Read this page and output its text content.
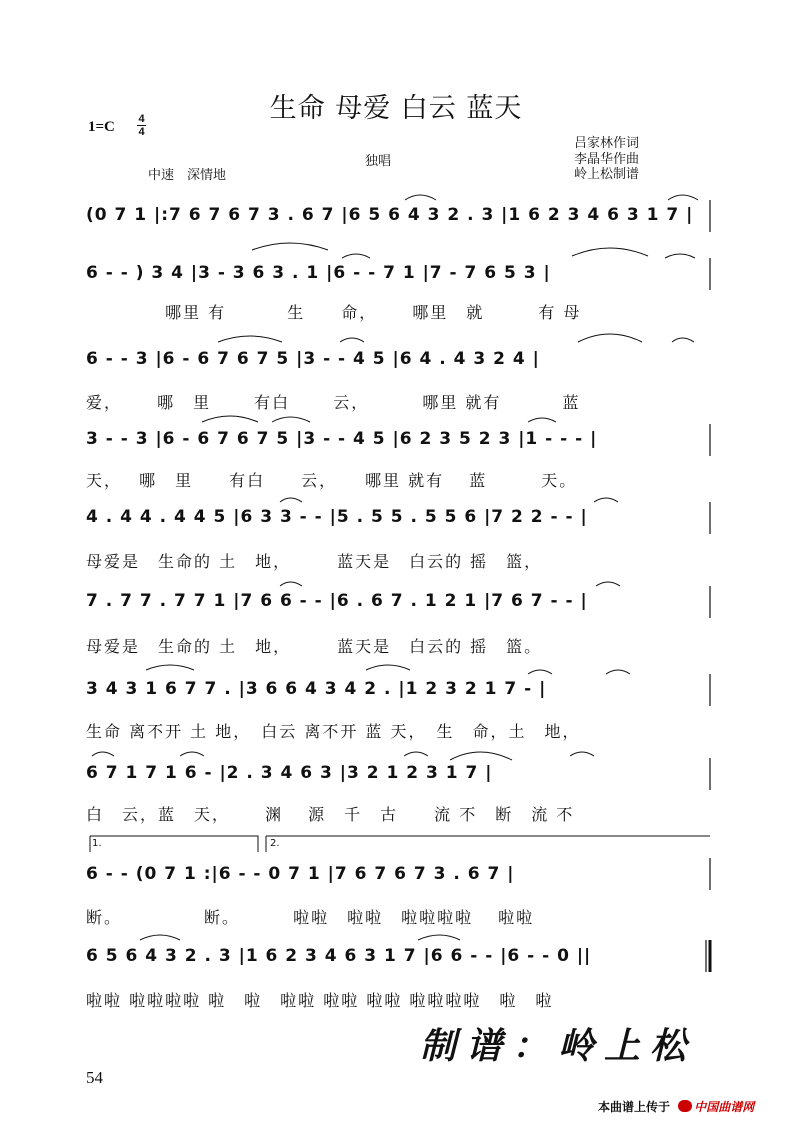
生命 母爱 白云 蓝天
1=C 4
4
吕家林作词
李晶华作曲
岭上松制谱
独唱
中速　深情地
(0 7 1 |:7 6 7 6 7 3 . 6 7 |6 5 6 4 3 2 . 3 |1 6 2 3 4 6 3 1 7 |
6 - - ) 3 4 |3 - 3 6 3 . 1 |6 - - 7 1 |7 - 7 6 5 3 |
6 - - 3 |6 - 6 7 6 7 5 |3 - - 4 5 |6 4 . 4 3 2 4 |
3 - - 3 |6 - 6 7 6 7 5 |3 - - 4 5 |6 2 3 5 2 3 |1 - - - |
4 . 4 4 . 4 4 5 |6 3 3 - - |5 . 5 5 . 5 5 6 |7 2 2 - - |
7 . 7 7 . 7 7 1 |7 6 6 - - |6 . 6 7 . 1 2 1 |7 6 7 - - |
3 4 3 1 6 7 7 . |3 6 6 4 3 4 2 . |1 2 3 2 1 7 - |
6 7 1 7 1 6 - |2 . 3 4 6 3 |3 2 1 2 3 1 7 |
6 - - (0 7 1 :|6 - - 0 7 1 |7 6 7 6 7 3 . 6 7 |
6 5 6 4 3 2 . 3 |1 6 2 3 4 6 3 1 7 |6 6 - - |6 - - 0 ||
　　　　 哪里 有　　　 生　　命，　　 哪里　就　　　有 母
爱，　　 哪　里　　 有白　　 云，　　　 哪里 就有　　　 蓝
天，　 哪　里　　有白　　云，　　哪里 就有　 蓝　　　天。
母爱是　生命的 土　地，　　　蓝天是　白云的 摇　篮，
母爱是　生命的 土　地，　　　蓝天是　白云的 摇　篮。
生命 离不开 土 地，　白云 离不开 蓝 天，　生　命，土　地，
白　云，蓝　天，　　 渊　 源　千　古　　流 不　断　流 不
断。　　　　　断。　　　 啦啦　啦啦　啦啦啦啦　 啦啦
啦啦 啦啦啦啦 啦　啦　啦啦 啦啦 啦啦 啦啦啦啦　啦　啦
1.	2.
制谱：岭上松
54
本曲谱上传于 中国曲谱网
